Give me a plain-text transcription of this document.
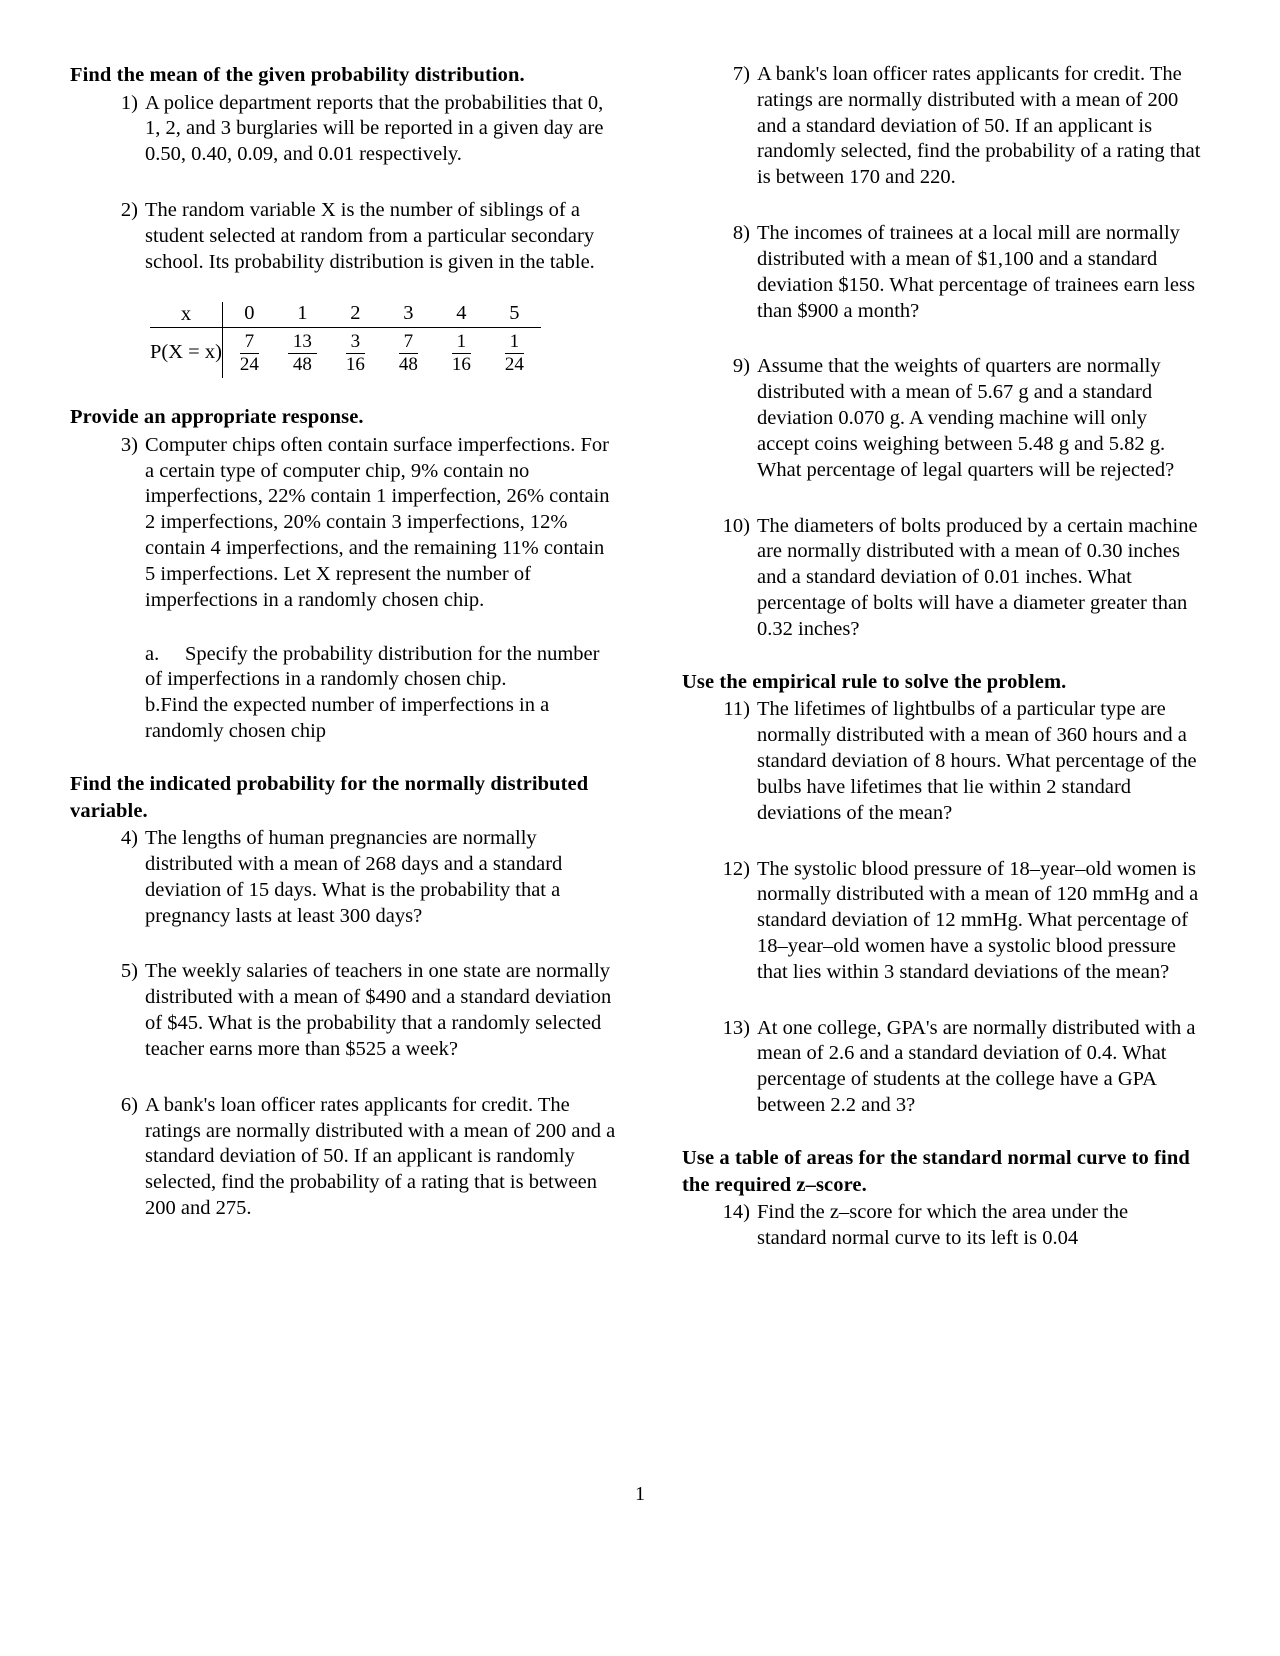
Find the mean of the given probability distribution.
1) A police department reports that the probabilities that 0, 1, 2, and 3 burglaries will be reported in a given day are 0.50, 0.40, 0.09, and 0.01 respectively.
2) The random variable X is the number of siblings of a student selected at random from a particular secondary school. Its probability distribution is given in the table.
x		0	1	2	3	4	5

P(X = x)		$\frac{7}{24}$	$\frac{13}{48}$	$\frac{3}{16}$	$\frac{7}{48}$	$\frac{1}{16}$	$\frac{1}{24}$
Provide an appropriate response.
3) Computer chips often contain surface imperfections. For a certain type of computer chip, 9% contain no imperfections, 22% contain 1 imperfection, 26% contain 2 imperfections, 20% contain 3 imperfections, 12% contain 4 imperfections, and the remaining 11% contain 5 imperfections. Let X represent the number of imperfections in a randomly chosen chip.
a. Specify the probability distribution for the number of imperfections in a randomly chosen chip.
b.Find the expected number of imperfections in a randomly chosen chip
Find the indicated probability for the normally distributed variable.
4) The lengths of human pregnancies are normally distributed with a mean of 268 days and a standard deviation of 15 days. What is the probability that a pregnancy lasts at least 300 days?
5) The weekly salaries of teachers in one state are normally distributed with a mean of $490 and a standard deviation of $45. What is the probability that a randomly selected teacher earns more than $525 a week?
6) A bank's loan officer rates applicants for credit. The ratings are normally distributed with a mean of 200 and a standard deviation of 50. If an applicant is randomly selected, find the probability of a rating that is between 200 and 275.
7) A bank's loan officer rates applicants for credit. The ratings are normally distributed with a mean of 200 and a standard deviation of 50. If an applicant is randomly selected, find the probability of a rating that is between 170 and 220.
8) The incomes of trainees at a local mill are normally distributed with a mean of $1,100 and a standard deviation $150. What percentage of trainees earn less than $900 a month?
9) Assume that the weights of quarters are normally distributed with a mean of 5.67 g and a standard deviation 0.070 g. A vending machine will only accept coins weighing between 5.48 g and 5.82 g. What percentage of legal quarters will be rejected?
10) The diameters of bolts produced by a certain machine are normally distributed with a mean of 0.30 inches and a standard deviation of 0.01 inches. What percentage of bolts will have a diameter greater than 0.32 inches?
Use the empirical rule to solve the problem.
11) The lifetimes of lightbulbs of a particular type are normally distributed with a mean of 360 hours and a standard deviation of 8 hours. What percentage of the bulbs have lifetimes that lie within 2 standard deviations of the mean?
12) The systolic blood pressure of 18–year–old women is normally distributed with a mean of 120 mmHg and a standard deviation of 12 mmHg. What percentage of 18–year–old women have a systolic blood pressure that lies within 3 standard deviations of the mean?
13) At one college, GPA's are normally distributed with a mean of 2.6 and a standard deviation of 0.4. What percentage of students at the college have a GPA between 2.2 and 3?
Use a table of areas for the standard normal curve to find the required z–score.
14) Find the z–score for which the area under the standard normal curve to its left is 0.04
1
